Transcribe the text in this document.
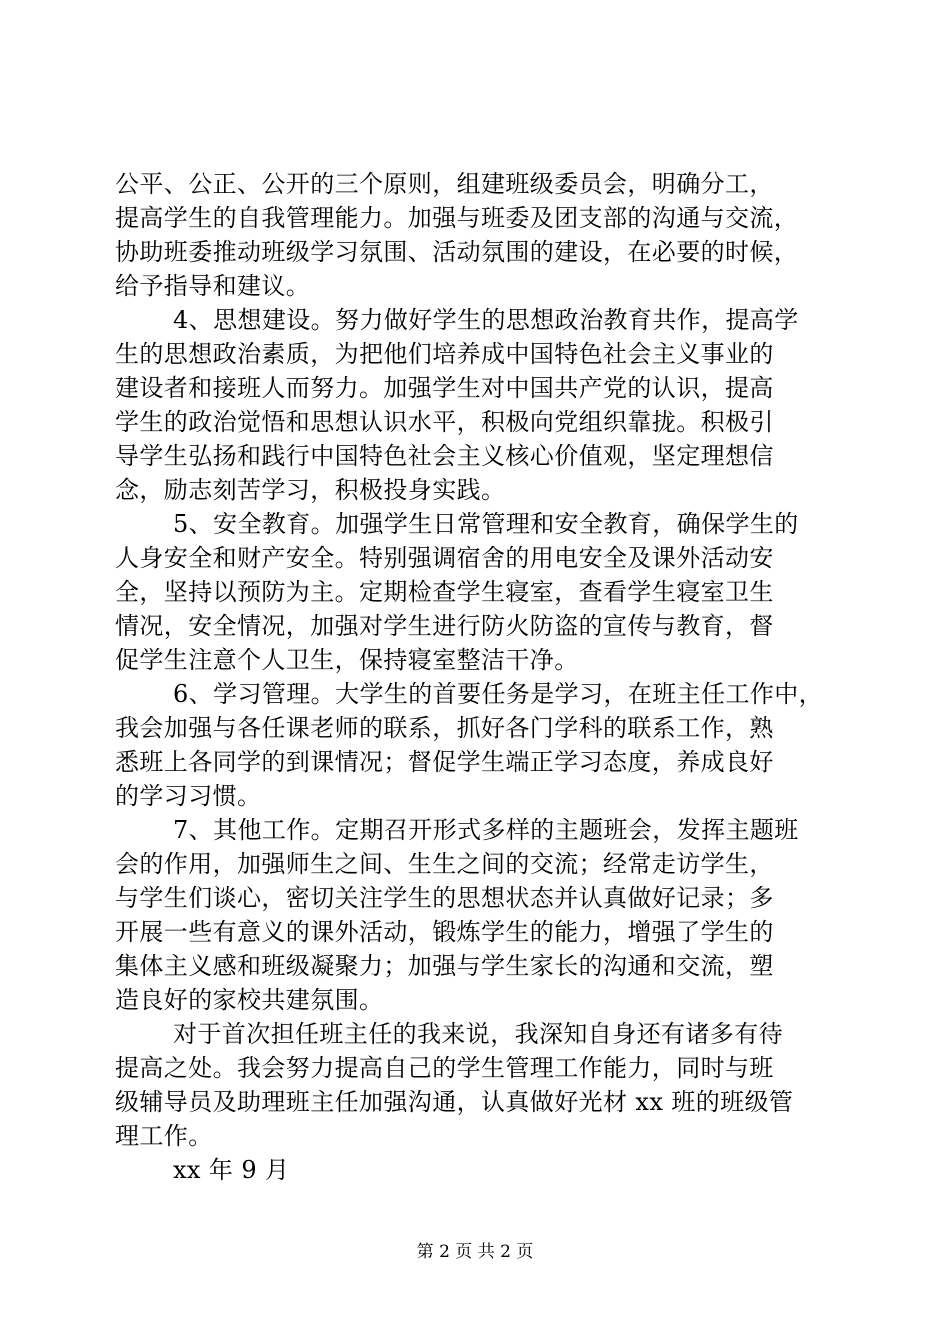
公平、公正、公开的三个原则，组建班级委员会，明确分工，
提高学生的自我管理能力。加强与班委及团支部的沟通与交流，
协助班委推动班级学习氛围、活动氛围的建设，在必要的时候，
给予指导和建议。
4、思想建设。努力做好学生的思想政治教育共作，提高学
生的思想政治素质，为把他们培养成中国特色社会主义事业的
建设者和接班人而努力。加强学生对中国共产党的认识，提高
学生的政治觉悟和思想认识水平，积极向党组织靠拢。积极引
导学生弘扬和践行中国特色社会主义核心价值观，坚定理想信
念，励志刻苦学习，积极投身实践。
5、安全教育。加强学生日常管理和安全教育，确保学生的
人身安全和财产安全。特别强调宿舍的用电安全及课外活动安
全，坚持以预防为主。定期检查学生寝室，查看学生寝室卫生
情况，安全情况，加强对学生进行防火防盗的宣传与教育，督
促学生注意个人卫生，保持寝室整洁干净。
6、学习管理。大学生的首要任务是学习，在班主任工作中，
我会加强与各任课老师的联系，抓好各门学科的联系工作，熟
悉班上各同学的到课情况；督促学生端正学习态度，养成良好
的学习习惯。
7、其他工作。定期召开形式多样的主题班会，发挥主题班
会的作用，加强师生之间、生生之间的交流；经常走访学生，
与学生们谈心，密切关注学生的思想状态并认真做好记录；多
开展一些有意义的课外活动，锻炼学生的能力，增强了学生的
集体主义感和班级凝聚力；加强与学生家长的沟通和交流，塑
造良好的家校共建氛围。
对于首次担任班主任的我来说，我深知自身还有诸多有待
提高之处。我会努力提高自己的学生管理工作能力，同时与班
级辅导员及助理班主任加强沟通，认真做好光材 xx 班的班级管
理工作。
xx 年 9 月
第 2 页 共 2 页
